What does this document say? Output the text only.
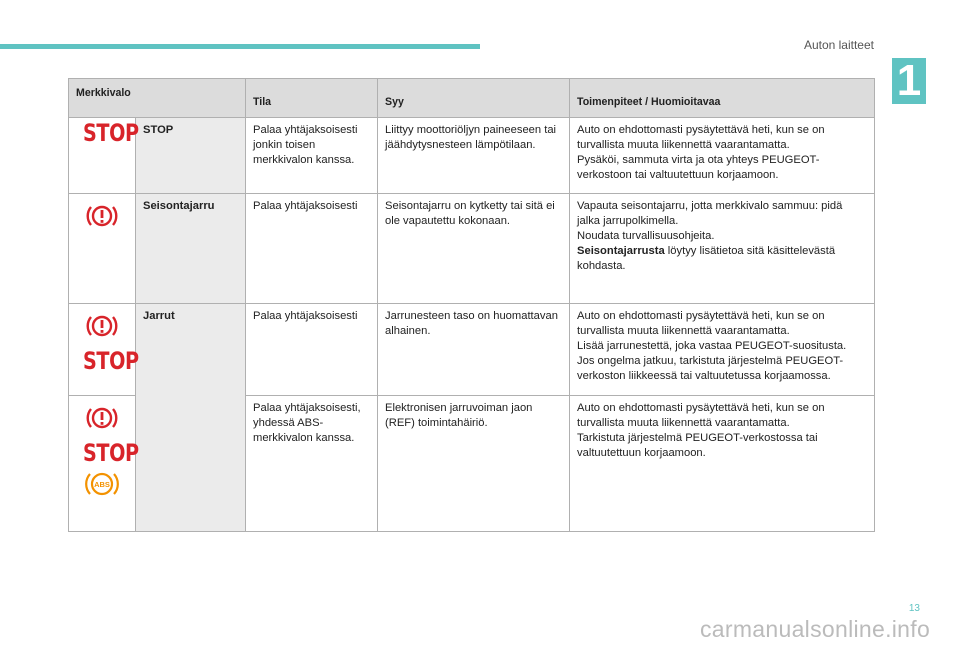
Auton laitteet
1
Merkkivalo		Tila	Syy	Toimenpiteet / Huomioitavaa
STOP	STOP	Palaa yhtäjaksoisesti jonkin toisen merkkivalon kanssa.	Liittyy moottoriöljyn paineeseen tai jäähdytysnesteen lämpötilaan.	Auto on ehdottomasti pysäytettävä heti, kun se on turvallista muuta liikennettä vaarantamatta.
Pysäköi, sammuta virta ja ota yhteys PEUGEOT-verkostoon tai valtuutettuun korjaamoon.

	Seisontajarru	Palaa yhtäjaksoisesti	Seisontajarru on kytketty tai sitä ei ole vapautettu kokonaan.	Vapauta seisontajarru, jotta merkkivalo sammuu: pidä jalka jarrupolkimella.
Noudata turvallisuusohjeita.
Seisontajarrusta löytyy lisätietoa sitä käsittelevästä kohdasta.

STOP	Jarrut	Palaa yhtäjaksoisesti	Jarrunesteen taso on huomattavan alhainen.	Auto on ehdottomasti pysäytettävä heti, kun se on turvallista muuta liikennettä vaarantamatta.
Lisää jarrunestettä, joka vastaa PEUGEOT-suositusta.
Jos ongelma jatkuu, tarkistuta järjestelmä PEUGEOT-verkoston liikkeessä tai valtuutetussa korjaamossa.

STOP
ABS		Palaa yhtäjaksoisesti, yhdessä ABS-merkkivalon kanssa.	Elektronisen jarruvoiman jaon (REF) toimintahäiriö.	Auto on ehdottomasti pysäytettävä heti, kun se on turvallista muuta liikennettä vaarantamatta.
Tarkistuta järjestelmä PEUGEOT-verkostossa tai valtuutettuun korjaamoon.
13
carmanualsonline.info
